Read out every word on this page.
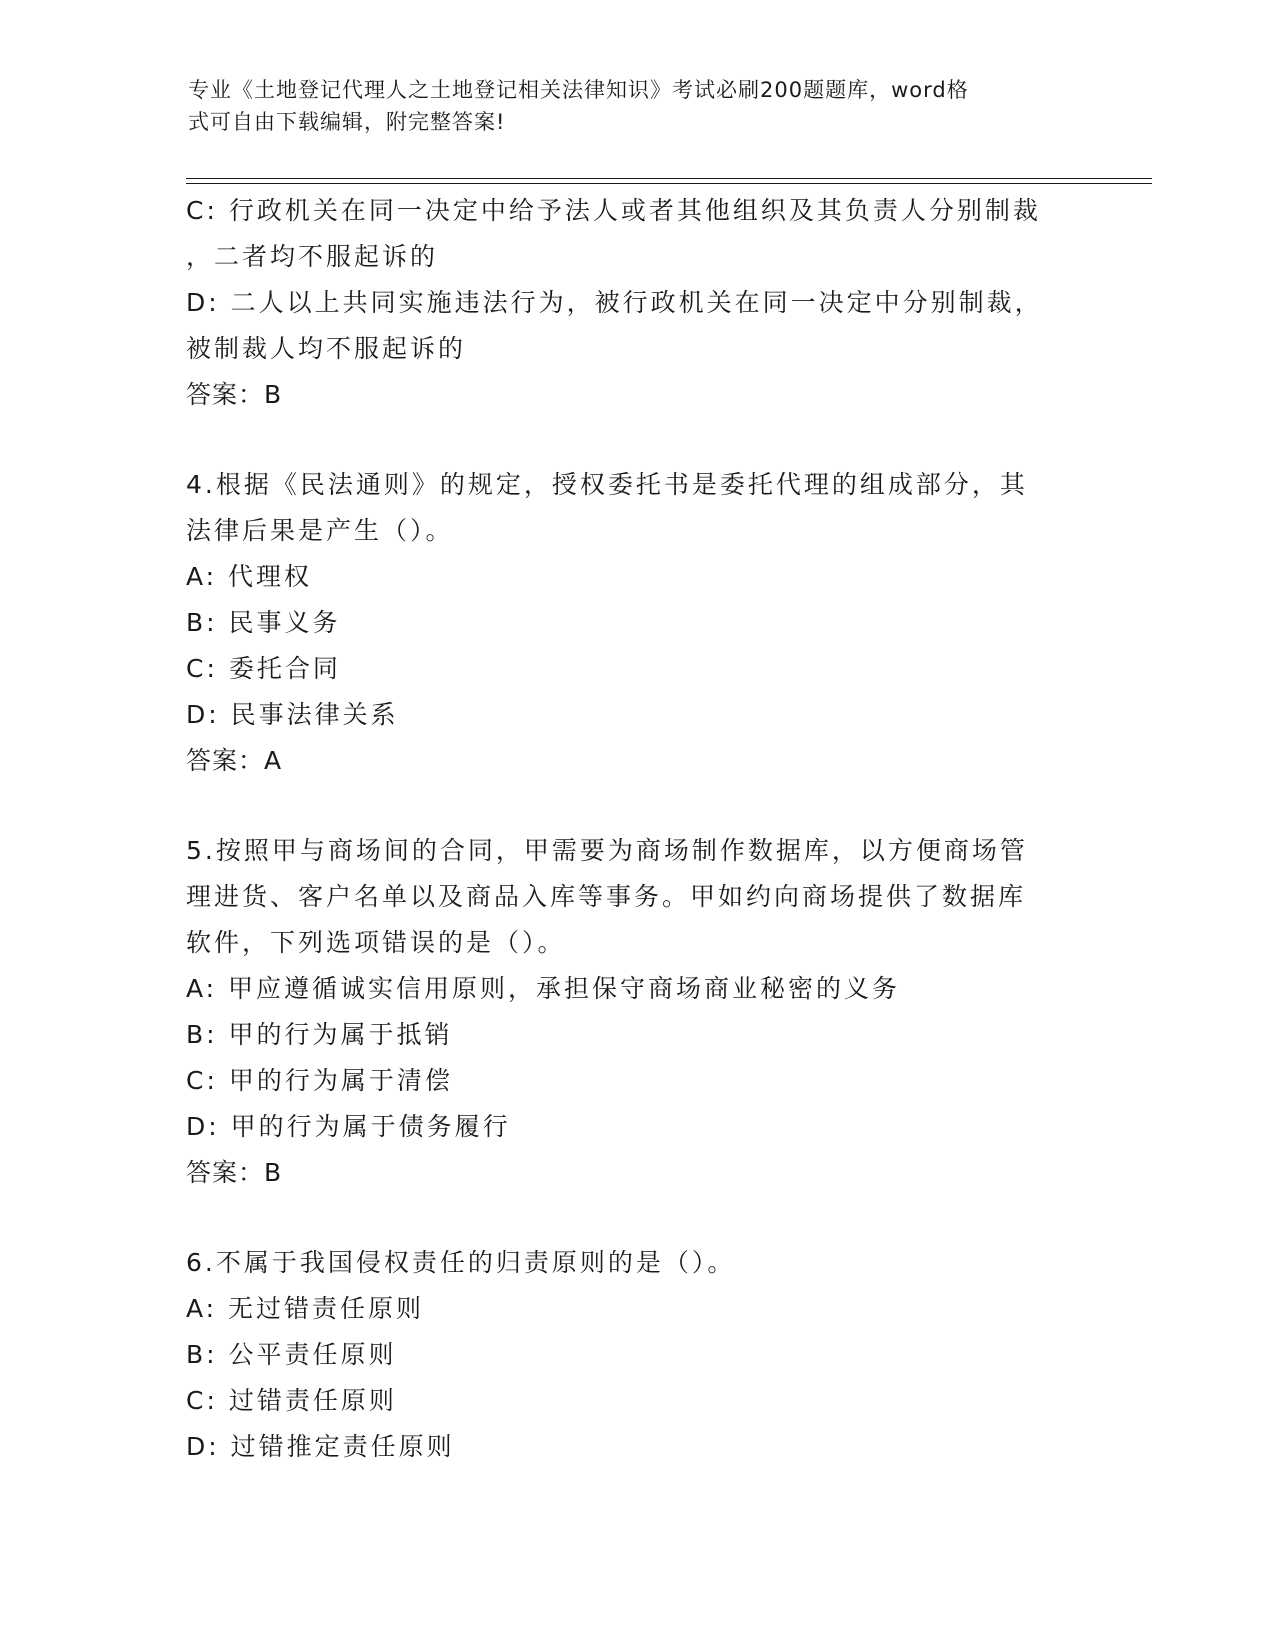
专业《土地登记代理人之土地登记相关法律知识》考试必刷200题题库，word格
式可自由下载编辑，附完整答案!
C: 行政机关在同一决定中给予法人或者其他组织及其负责人分别制裁
，二者均不服起诉的
D: 二人以上共同实施违法行为，被行政机关在同一决定中分别制裁，
被制裁人均不服起诉的
答案：B
4.根据《民法通则》的规定，授权委托书是委托代理的组成部分，其
法律后果是产生（）。
A: 代理权
B: 民事义务
C: 委托合同
D: 民事法律关系
答案：A
5.按照甲与商场间的合同，甲需要为商场制作数据库，以方便商场管
理进货、客户名单以及商品入库等事务。甲如约向商场提供了数据库
软件，下列选项错误的是（）。
A: 甲应遵循诚实信用原则，承担保守商场商业秘密的义务
B: 甲的行为属于抵销
C: 甲的行为属于清偿
D: 甲的行为属于债务履行
答案：B
6.不属于我国侵权责任的归责原则的是（）。
A: 无过错责任原则
B: 公平责任原则
C: 过错责任原则
D: 过错推定责任原则
